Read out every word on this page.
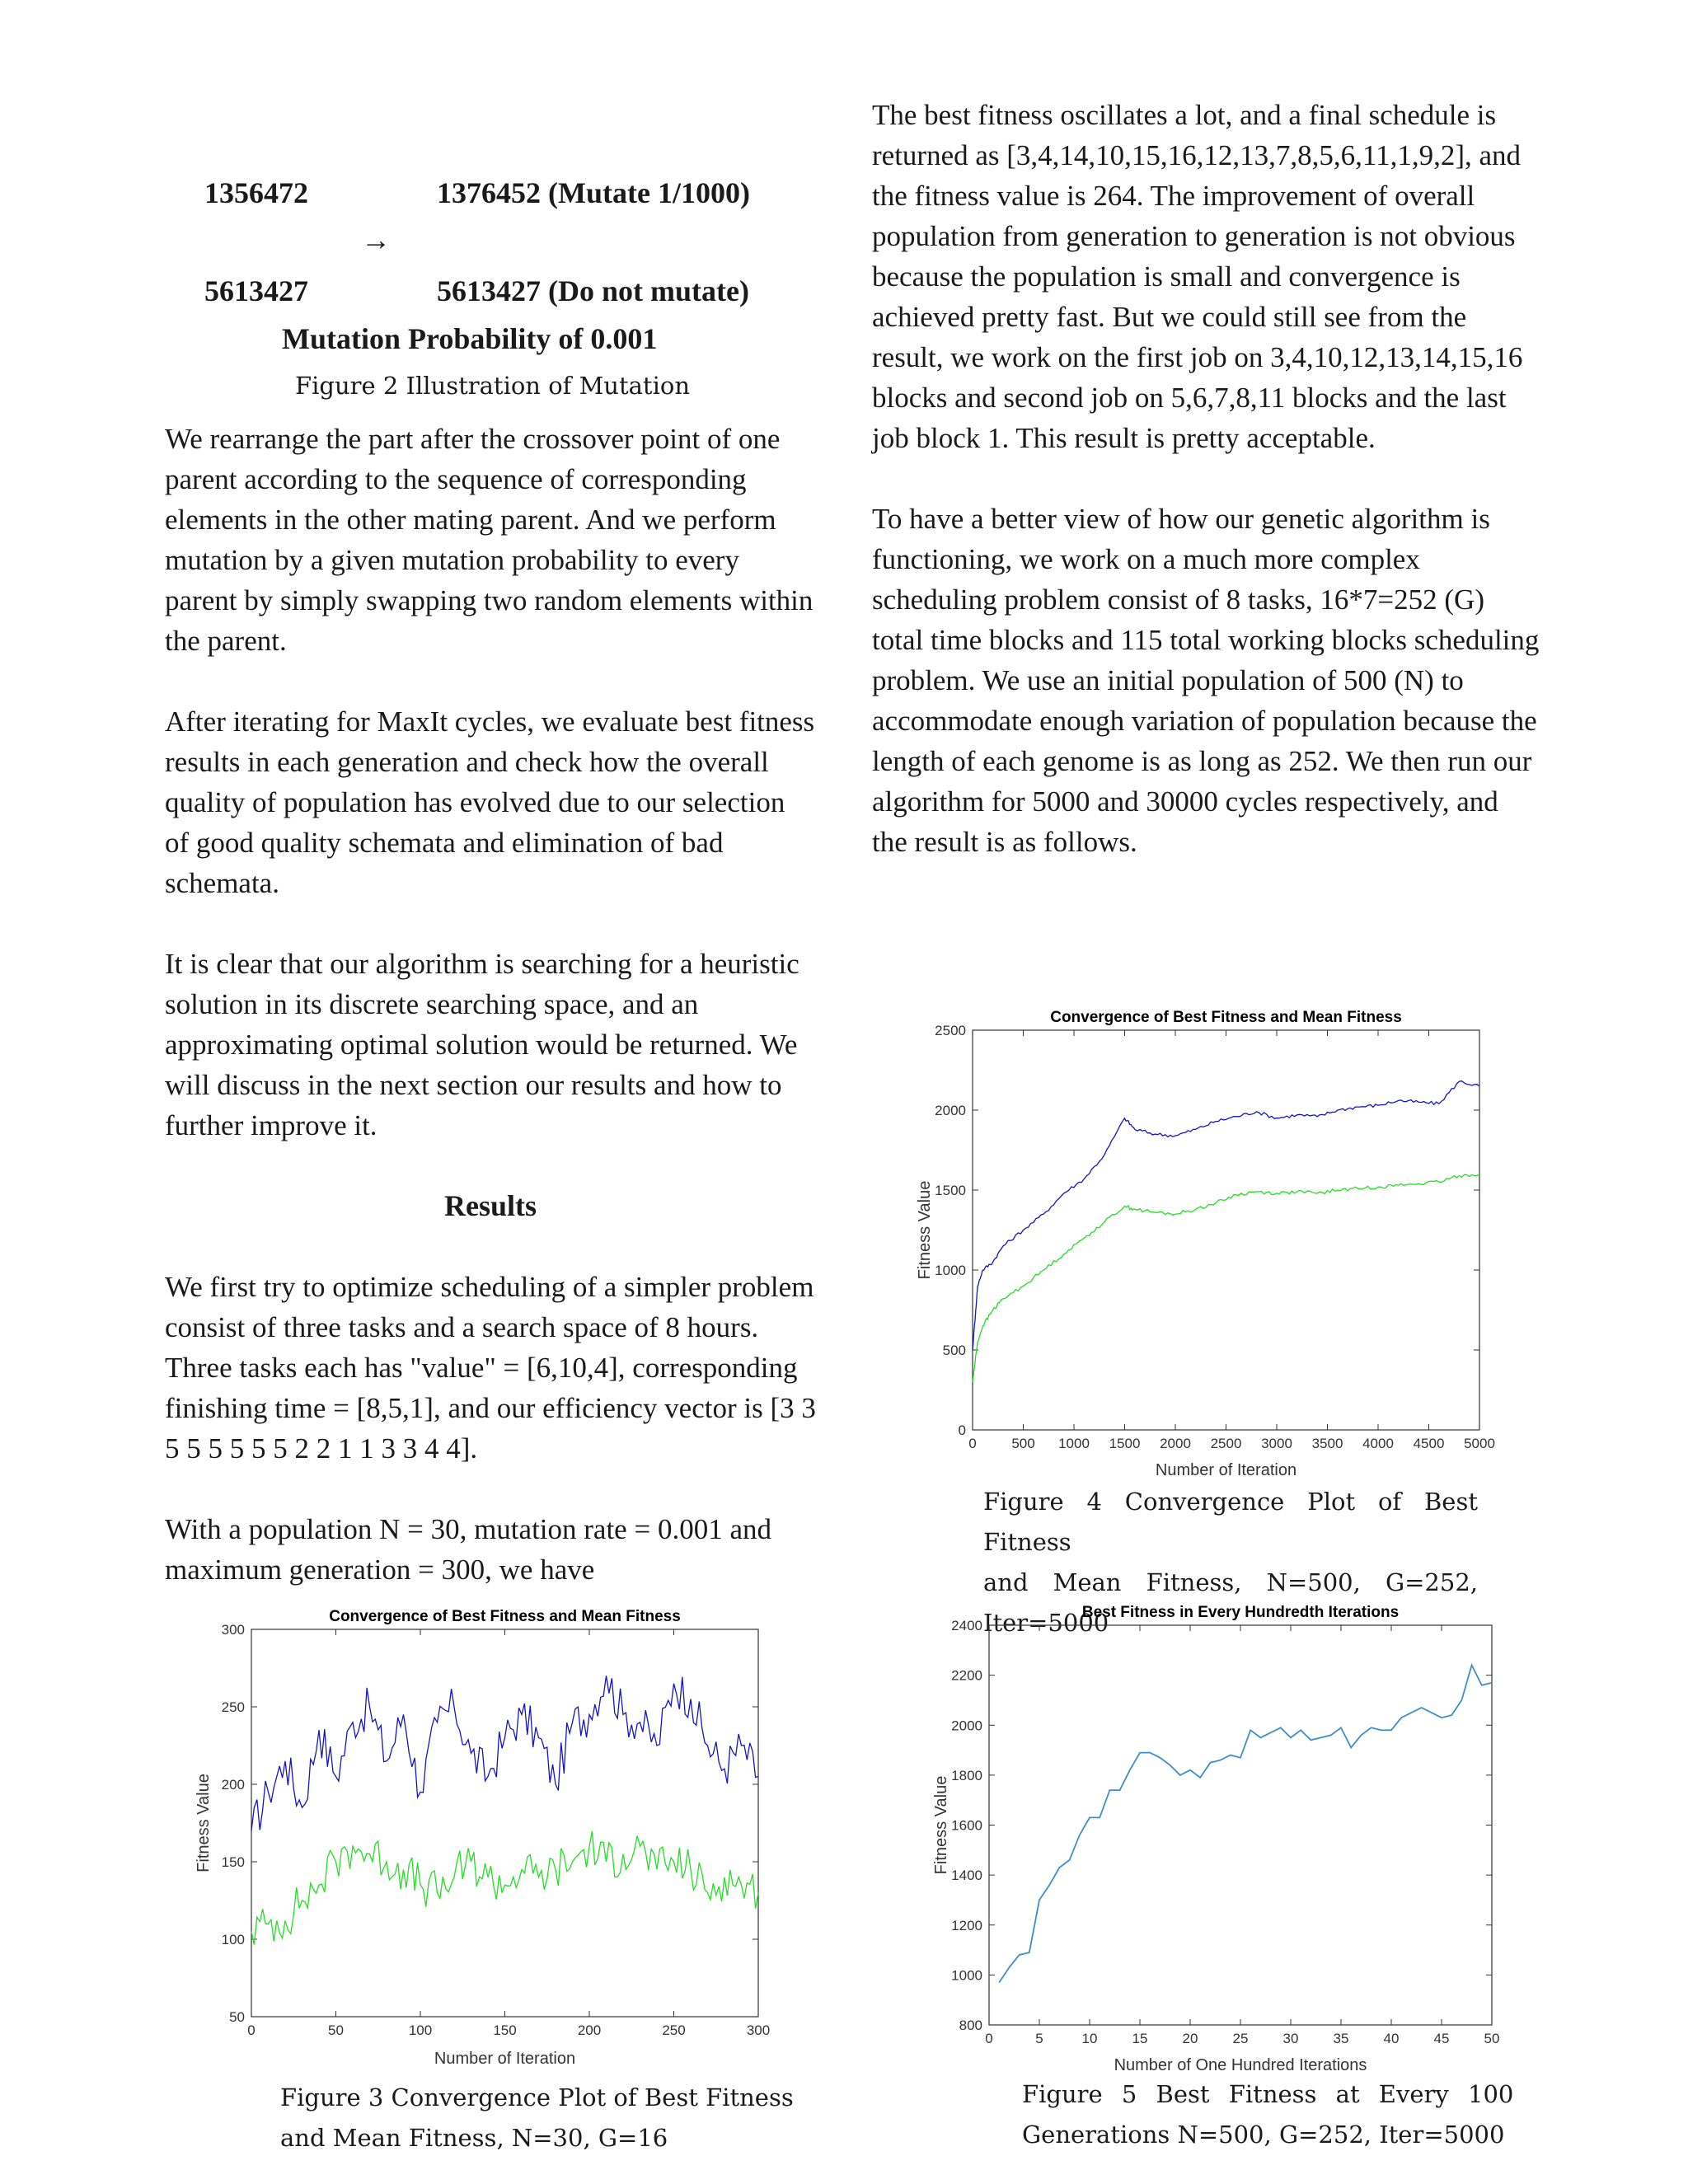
1356472	1376452 (Mutate 1/1000)
→
5613427	5613427 (Do not mutate)
Mutation Probability of 0.001
Figure 2 Illustration of Mutation

We rearrange the part after the crossover point of one parent according to the sequence of corresponding elements in the other mating parent. And we perform mutation by a given mutation probability to every parent by simply swapping two random elements within the parent.

After iterating for MaxIt cycles, we evaluate best fitness results in each generation and check how the overall quality of population has evolved due to our selection of good quality schemata and elimination of bad schemata.

It is clear that our algorithm is searching for a heuristic solution in its discrete searching space, and an approximating optimal solution would be returned. We will discuss in the next section our results and how to further improve it.

Results

We first try to optimize scheduling of a simpler problem consist of three tasks and a search space of 8 hours. Three tasks each has "value" = [6,10,4], corresponding finishing time = [8,5,1], and our efficiency vector is [3 3 5 5 5 5 5 5 2 2 1 1 3 3 4 4].

With a population N = 30, mutation rate = 0.001 and maximum generation = 300, we have

The best fitness oscillates a lot, and a final schedule is returned as [3,4,14,10,15,16,12,13,7,8,5,6,11,1,9,2], and the fitness value is 264. The improvement of overall population from generation to generation is not obvious because the population is small and convergence is achieved pretty fast. But we could still see from the result, we work on the first job on 3,4,10,12,13,14,15,16 blocks and second job on 5,6,7,8,11 blocks and the last job block 1. This result is pretty acceptable.

To have a better view of how our genetic algorithm is functioning, we work on a much more complex scheduling problem consist of 8 tasks, 16*7=252 (G) total time blocks and 115 total working blocks scheduling problem. We use an initial population of 500 (N) to accommodate enough variation of population because the length of each genome is as long as 252. We then run our algorithm for 5000 and 30000 cycles respectively, and the result is as follows.

Convergence of Best Fitness and Mean Fitness
0	50	100	150	200	250	300
50
100
150
200
250
300
Number of Iteration
Fitness Value
Figure 3 Convergence Plot of Best Fitness
and Mean Fitness, N=30, G=16
Convergence of Best Fitness and Mean Fitness
0	500 1000 1500 2000 2500 3000 3500 4000 4500 5000
0
500
1000
1500
2000
2500
Number of Iteration
Fitness Value
Figure 4 Convergence Plot of Best Fitness
and Mean Fitness, N=500, G=252, Iter=5000
Best Fitness in Every Hundredth Iterations
0	5	10 15 20 25 30 35 40 45 50
800
1000
1200
1400
1600
1800
2000
2200
2400
Number of One Hundred Iterations
Fitness Value
Figure 5 Best Fitness at Every 100
Generations N=500, G=252, Iter=5000
